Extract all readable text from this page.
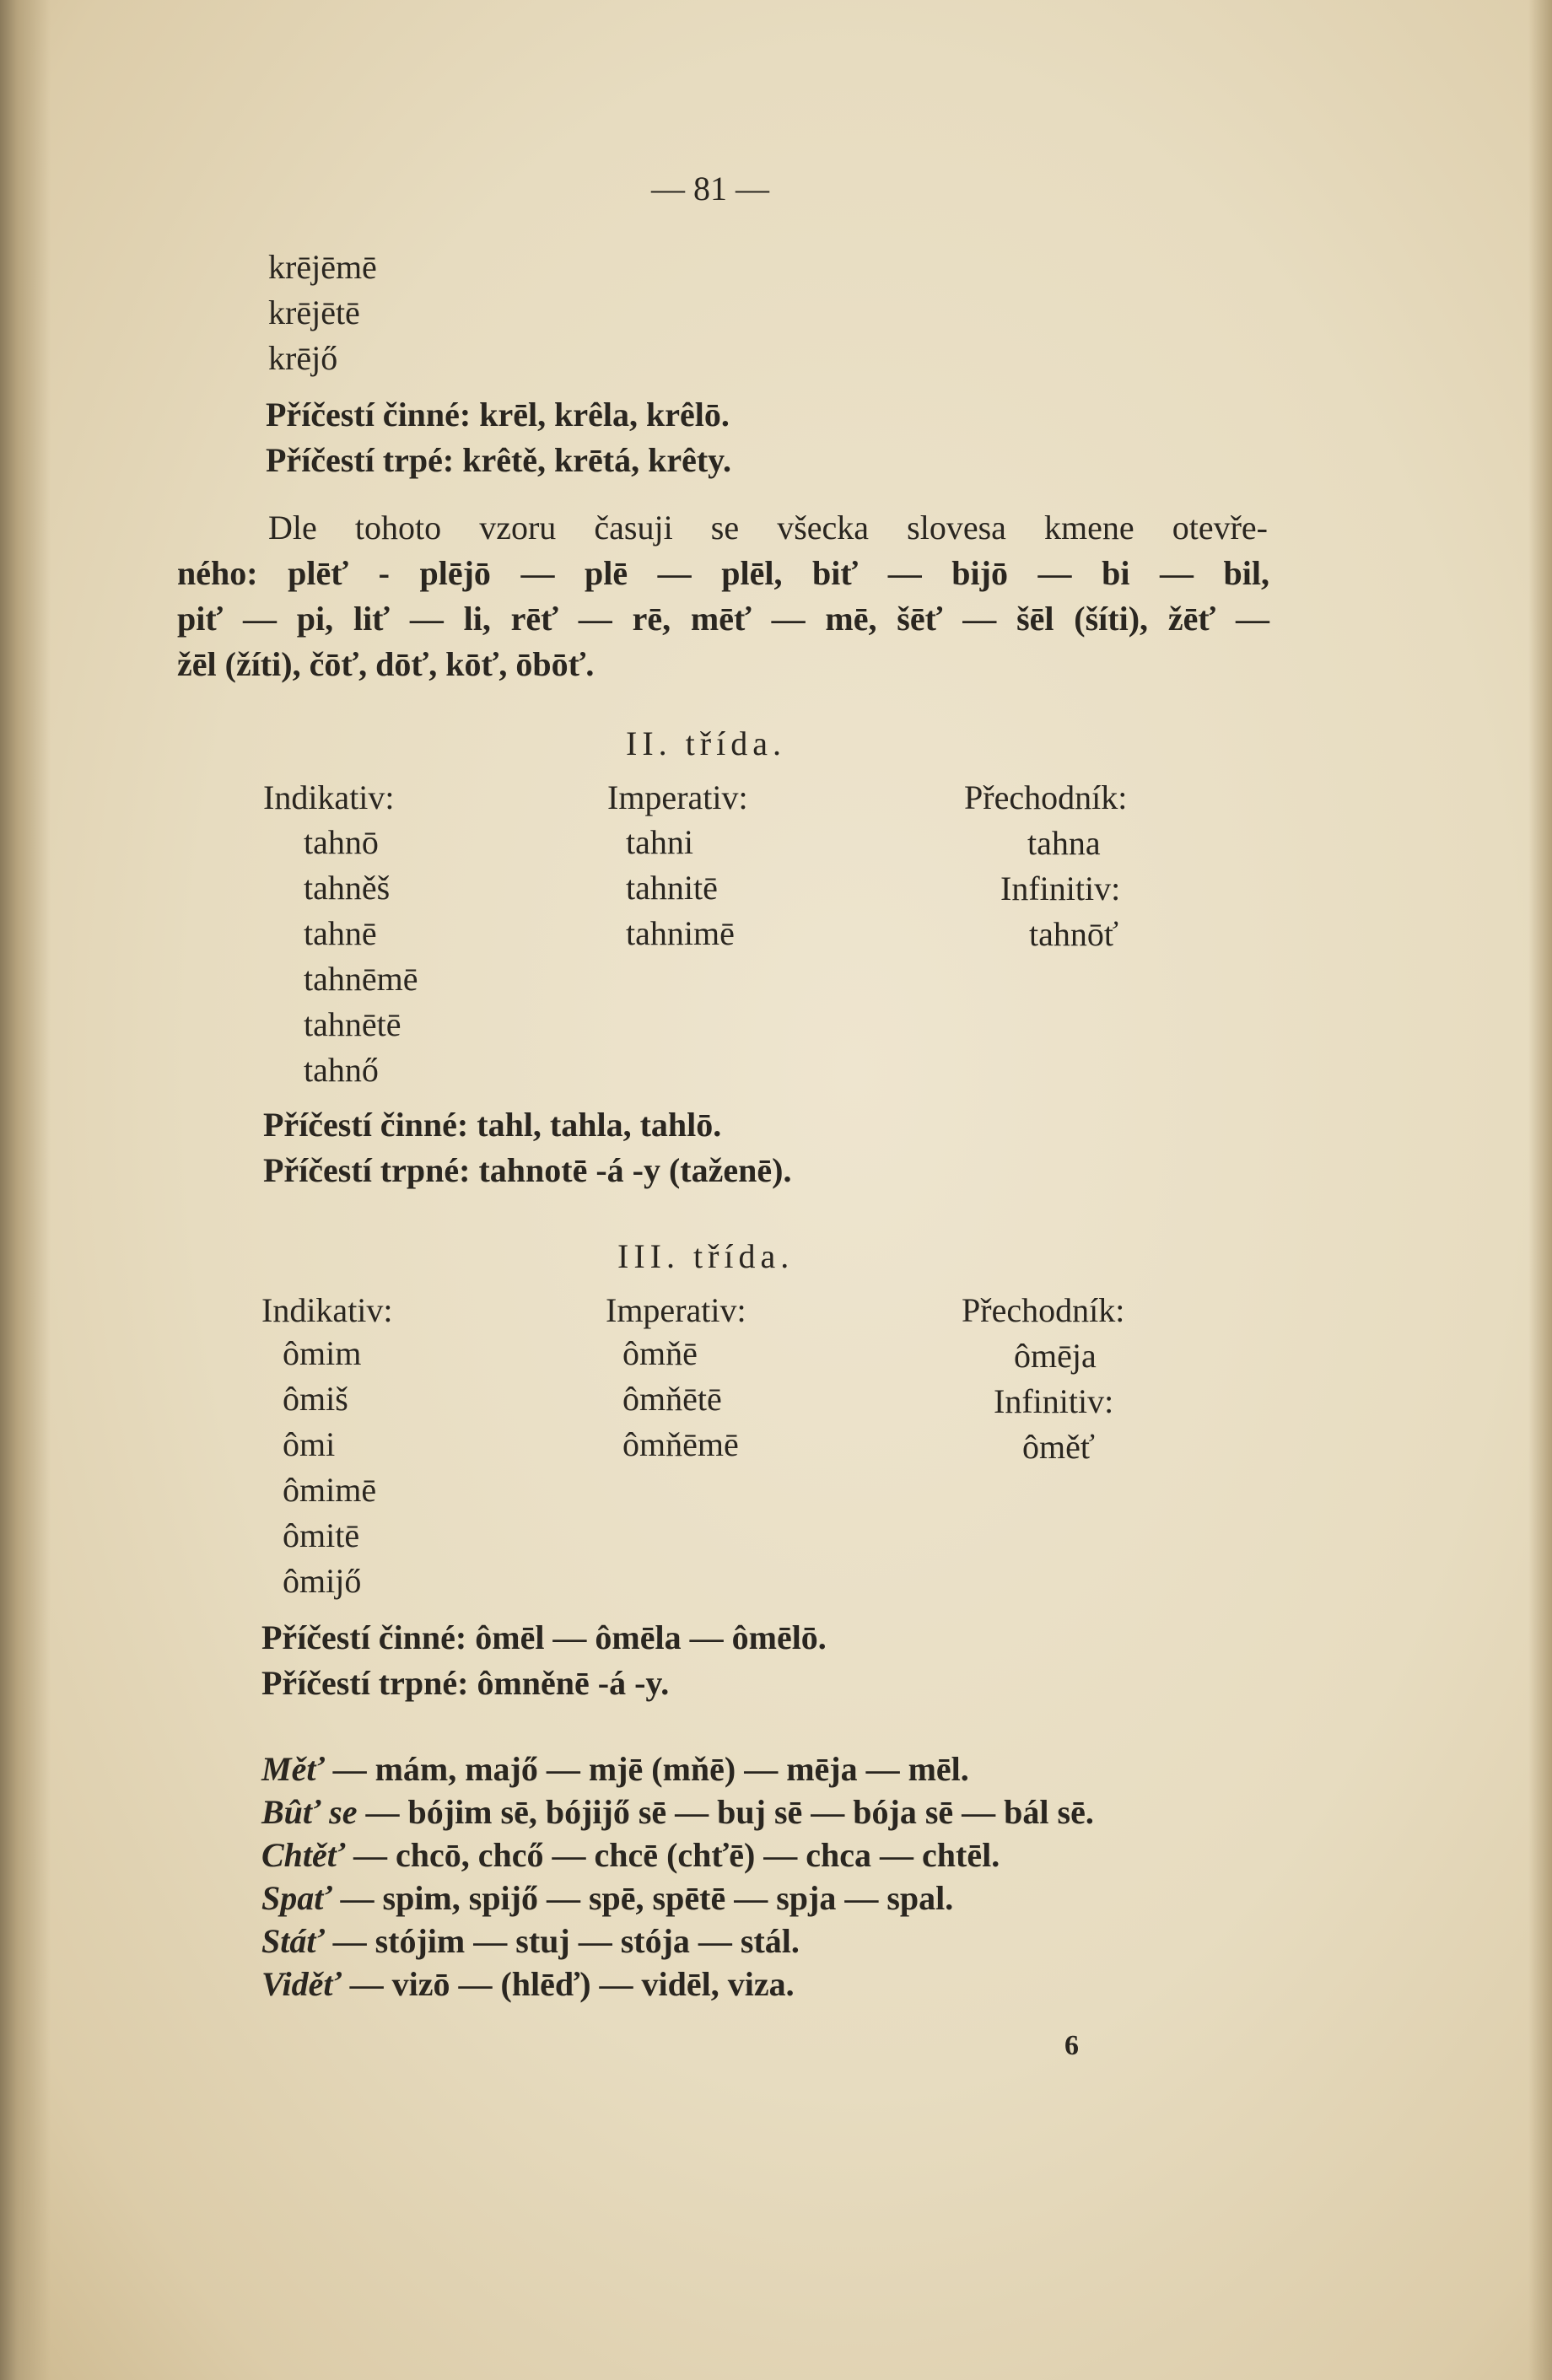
— 81 —
krējēmē
krējētē
krējő
Příčestí činné: krēl, krêla, krêlō.
Příčestí trpé: krêtě, krētá, krêty.
Dle tohoto vzoru časuji se všecka slovesa kmene otevře-
ného: plēť - plējō — plē — plēl, biť — bijō — bi — bil,
piť — pi, liť — li, rēť — rē, mēť — mē, šēť — šēl (šíti), žēť —
žēl (žíti), čōť, dōť, kōť, ōbōť.
II. třída.
Indikativ:
tahnō
tahněš
tahnē
tahnēmē
tahnētē
tahnő
Imperativ:
tahni
tahnitē
tahnimē
Přechodník:
tahna
Infinitiv:
tahnōť
Příčestí činné: tahl, tahla, tahlō.
Příčestí trpné: tahnotē -á -y (taženē).
III. třída.
Indikativ:
ômim
ômiš
ômi
ômimē
ômitē
ômijő
Imperativ:
ômňē
ômňētē
ômňēmē
Přechodník:
ômēja
Infinitiv:
ôměť
Příčestí činné: ômēl — ômēla — ômēlō.
Příčestí trpné: ômněnē -á -y.
Měť — mám, majő — mjē (mňē) — mēja — mēl.
Bûť se — bójim sē, bójijő sē — buj sē — bója sē — bál sē.
Chtěť — chcō, chcő — chcē (chťē) — chca — chtēl.
Spať — spim, spijő — spē, spētē — spja — spal.
Stáť — stójim — stuj — stója — stál.
Viděť — vizō — (hlēď) — vidēl, viza.
6
